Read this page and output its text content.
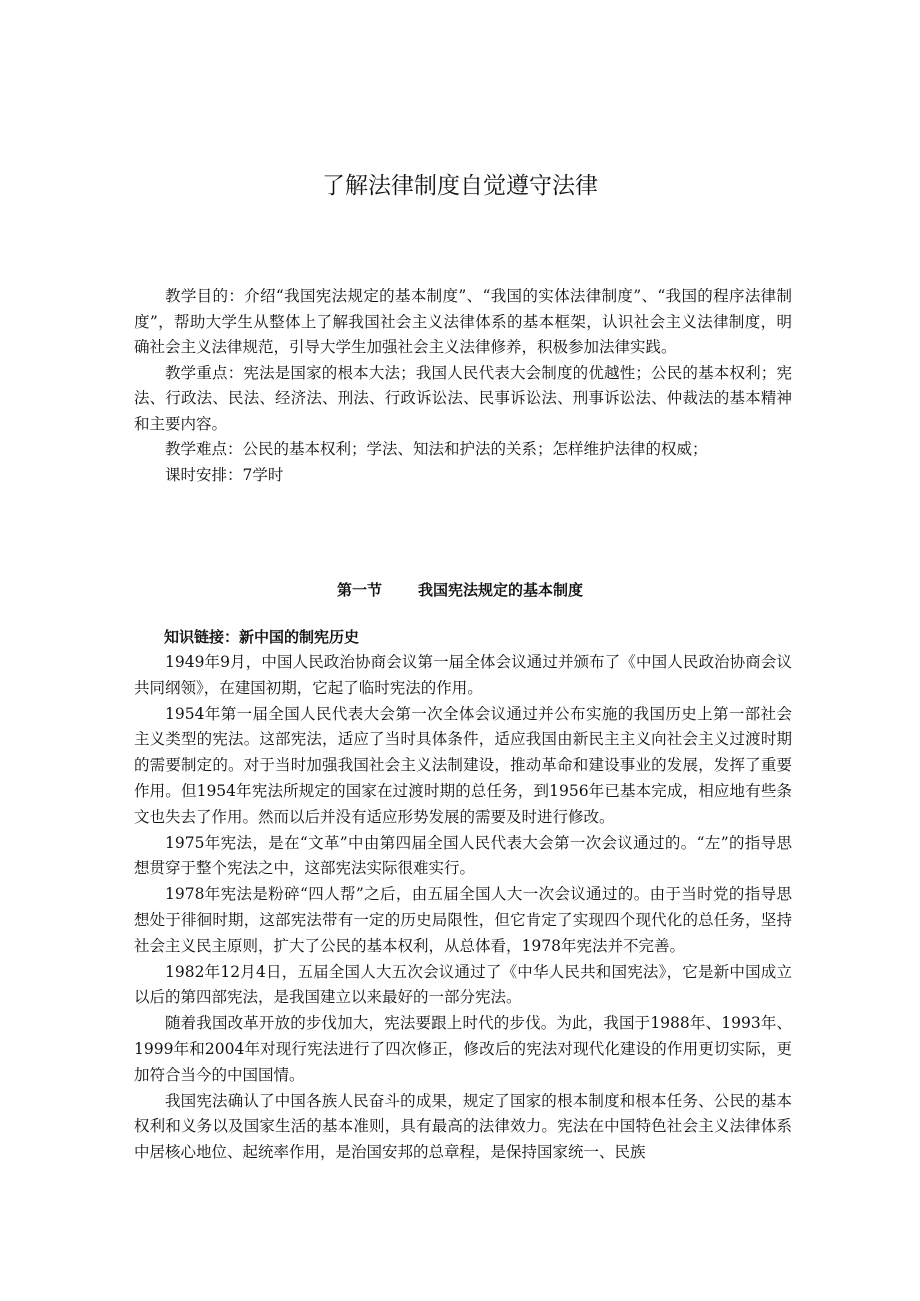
了解法律制度自觉遵守法律

教学目的：介绍“我国宪法规定的基本制度”、“我国的实体法律制度”、“我国的程序法律制度”，帮助大学生从整体上了解我国社会主义法律体系的基本框架，认识社会主义法律制度，明确社会主义法律规范，引导大学生加强社会主义法律修养，积极参加法律实践。

教学重点：宪法是国家的根本大法；我国人民代表大会制度的优越性；公民的基本权利；宪法、行政法、民法、经济法、刑法、行政诉讼法、民事诉讼法、刑事诉讼法、仲裁法的基本精神和主要内容。

教学难点：公民的基本权利；学法、知法和护法的关系；怎样维护法律的权威；

课时安排：7学时

第一节 我国宪法规定的基本制度

知识链接：新中国的制宪历史

1949年9月，中国人民政治协商会议第一届全体会议通过并颁布了《中国人民政治协商会议共同纲领》，在建国初期，它起了临时宪法的作用。

1954年第一届全国人民代表大会第一次全体会议通过并公布实施的我国历史上第一部社会主义类型的宪法。这部宪法，适应了当时具体条件，适应我国由新民主主义向社会主义过渡时期的需要制定的。对于当时加强我国社会主义法制建设，推动革命和建设事业的发展，发挥了重要作用。但1954年宪法所规定的国家在过渡时期的总任务，到1956年已基本完成，相应地有些条文也失去了作用。然而以后并没有适应形势发展的需要及时进行修改。

1975年宪法，是在“文革”中由第四届全国人民代表大会第一次会议通过的。“左”的指导思想贯穿于整个宪法之中，这部宪法实际很难实行。

1978年宪法是粉碎“四人帮”之后，由五届全国人大一次会议通过的。由于当时党的指导思想处于徘徊时期，这部宪法带有一定的历史局限性，但它肯定了实现四个现代化的总任务，坚持社会主义民主原则，扩大了公民的基本权利，从总体看，1978年宪法并不完善。

1982年12月4日，五届全国人大五次会议通过了《中华人民共和国宪法》，它是新中国成立以后的第四部宪法，是我国建立以来最好的一部分宪法。

随着我国改革开放的步伐加大，宪法要跟上时代的步伐。为此，我国于1988年、1993年、1999年和2004年对现行宪法进行了四次修正，修改后的宪法对现代化建设的作用更切实际，更加符合当今的中国国情。

我国宪法确认了中国各族人民奋斗的成果，规定了国家的根本制度和根本任务、公民的基本权利和义务以及国家生活的基本准则，具有最高的法律效力。宪法在中国特色社会主义法律体系中居核心地位、起统率作用，是治国安邦的总章程，是保持国家统一、民族
